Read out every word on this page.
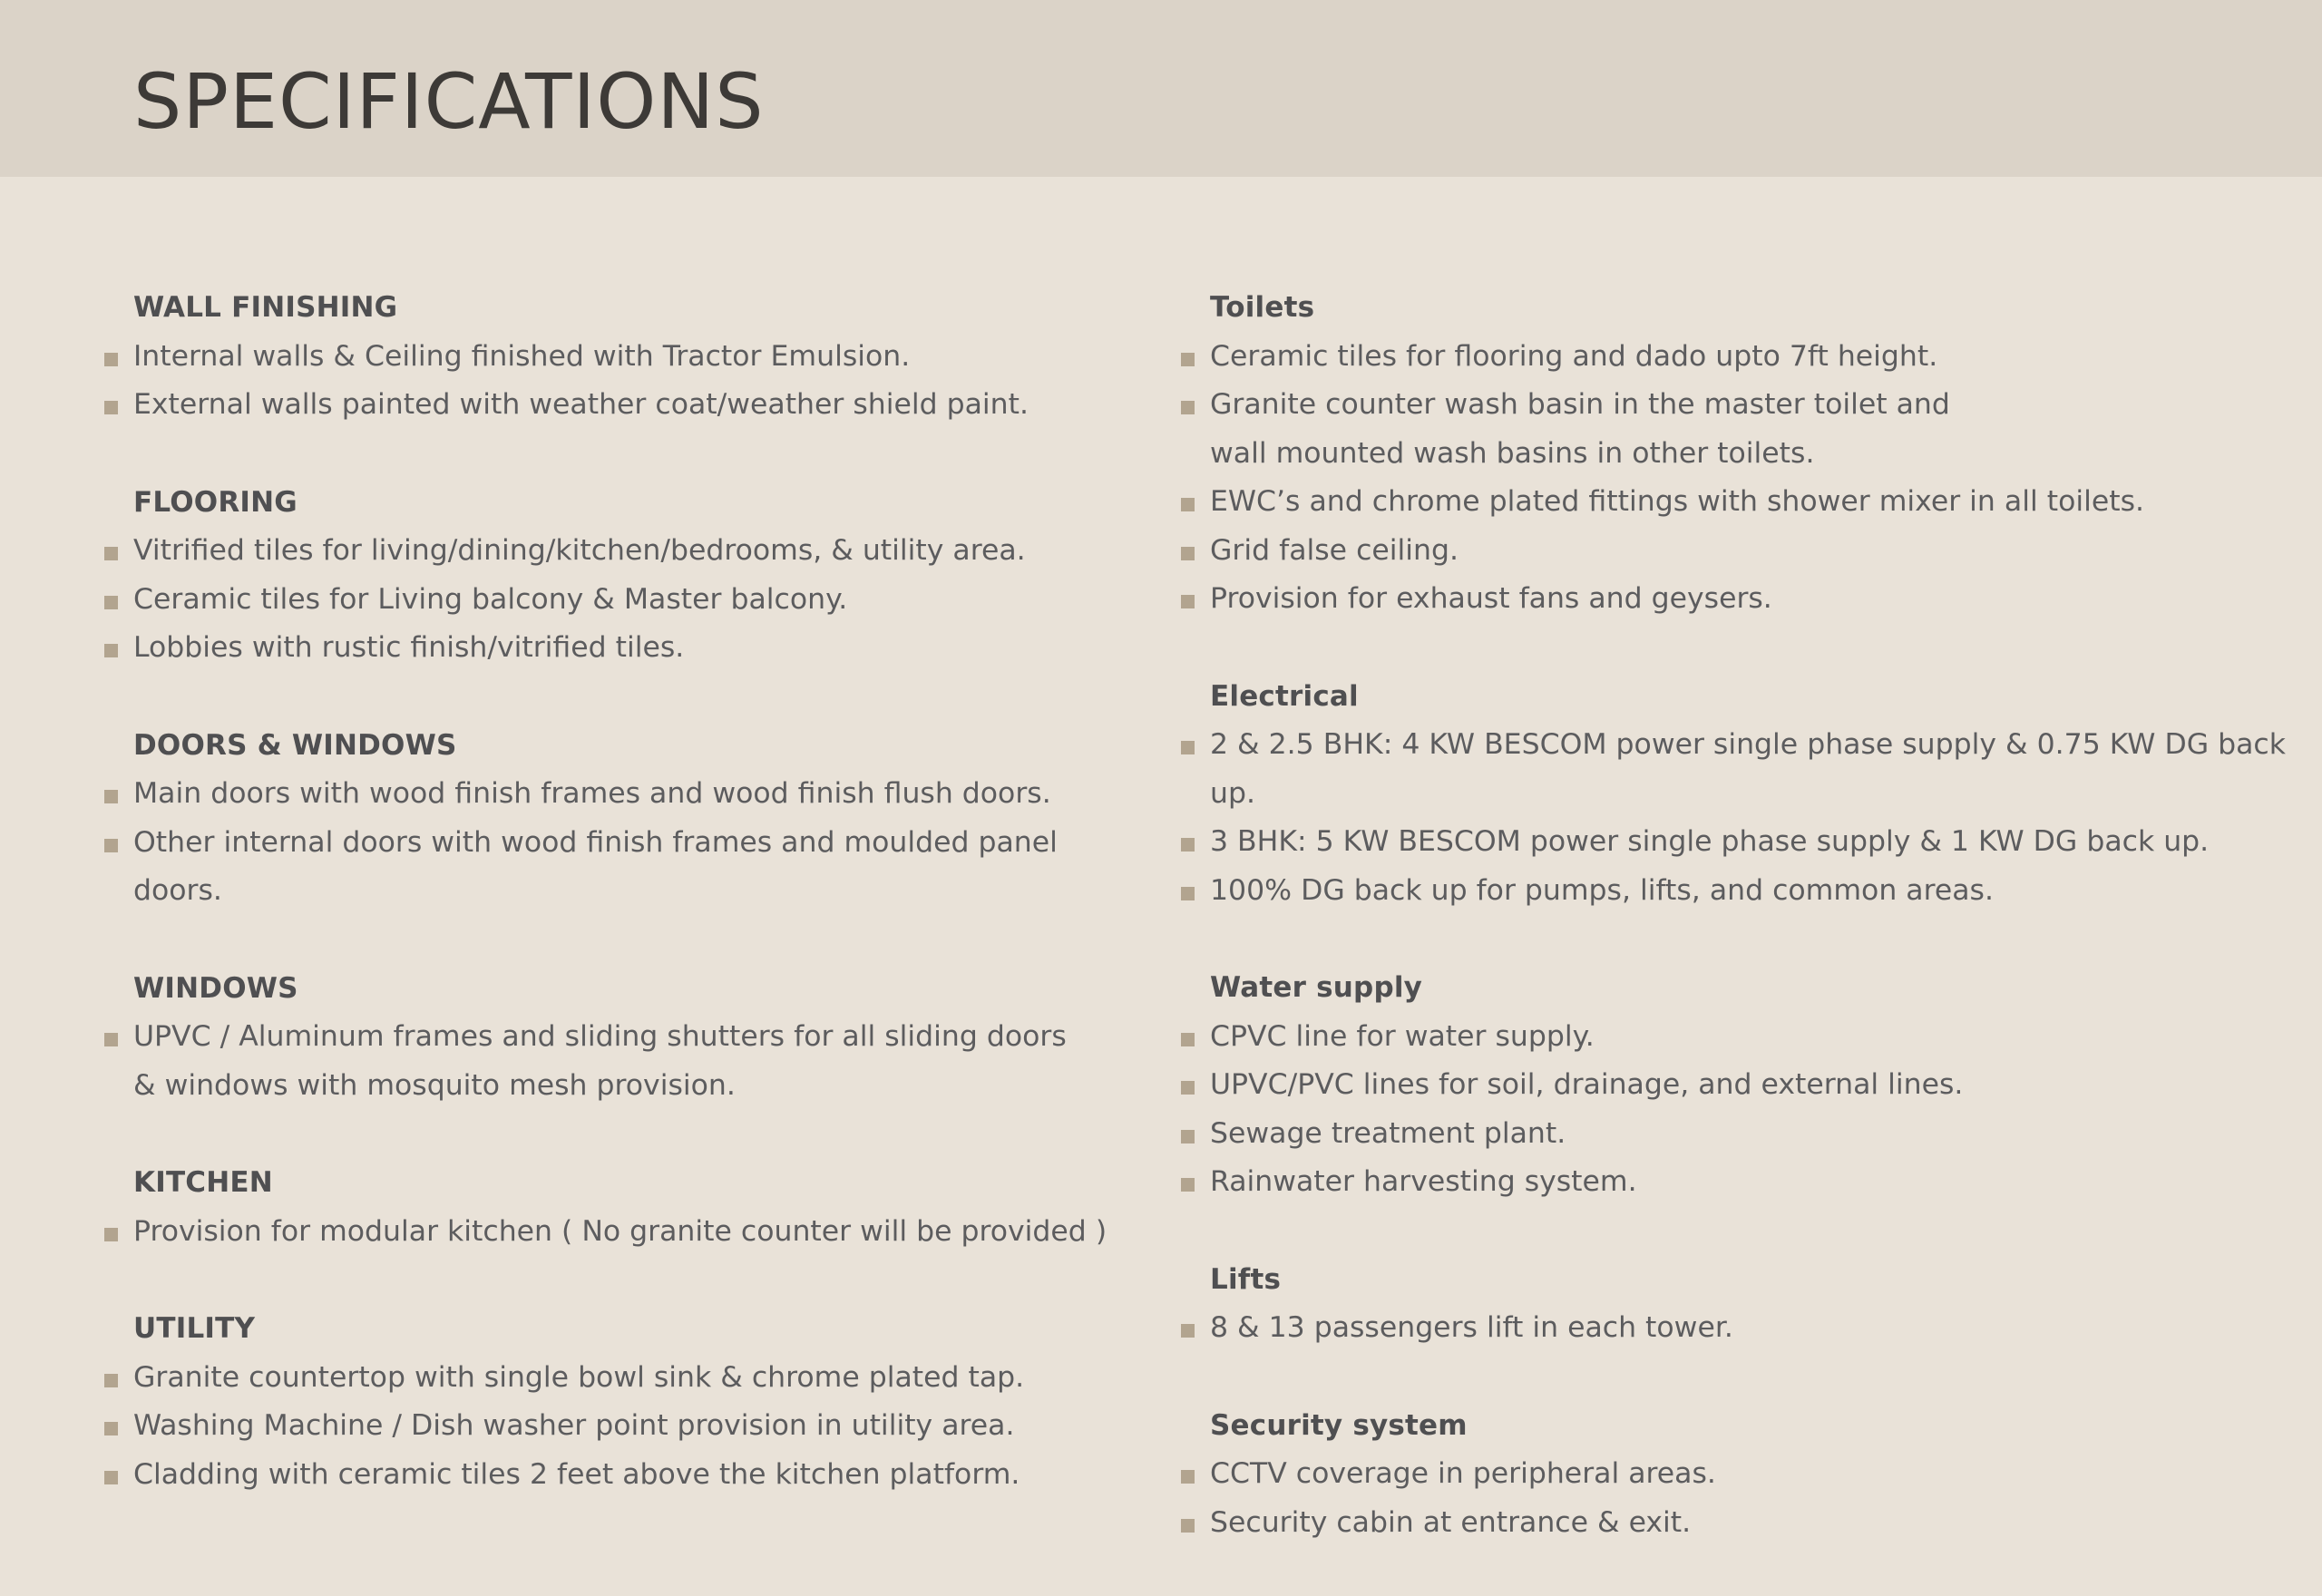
SPECIFICATIONS
WALL FINISHING
Internal walls & Ceiling finished with Tractor Emulsion.
External walls painted with weather coat/weather shield paint.
FLOORING
Vitrified tiles for living/dining/kitchen/bedrooms, & utility area.
Ceramic tiles for Living balcony & Master balcony.
Lobbies with rustic finish/vitrified tiles.
DOORS & WINDOWS
Main doors with wood finish frames and wood finish flush doors.
Other internal doors with wood finish frames and moulded panel doors.
WINDOWS
UPVC / Aluminum frames and sliding shutters for all sliding doors
& windows with mosquito mesh provision.
KITCHEN
Provision for modular kitchen ( No granite counter will be provided )
UTILITY
Granite countertop with single bowl sink & chrome plated tap.
Washing Machine / Dish washer point provision in utility area.
Cladding with ceramic tiles 2 feet above the kitchen platform.
Toilets
Ceramic tiles for flooring and dado upto 7ft height.
Granite counter wash basin in the master toilet and
wall mounted wash basins in other toilets.
EWC’s and chrome plated fittings with shower mixer in all toilets.
Grid false ceiling.
Provision for exhaust fans and geysers.
Electrical
2 & 2.5 BHK: 4 KW BESCOM power single phase supply & 0.75 KW DG back up.
3 BHK: 5 KW BESCOM power single phase supply & 1 KW DG back up.
100% DG back up for pumps, lifts, and common areas.
Water supply
CPVC line for water supply.
UPVC/PVC lines for soil, drainage, and external lines.
Sewage treatment plant.
Rainwater harvesting system.
Lifts
8 & 13 passengers lift in each tower.
Security system
CCTV coverage in peripheral areas.
Security cabin at entrance & exit.
